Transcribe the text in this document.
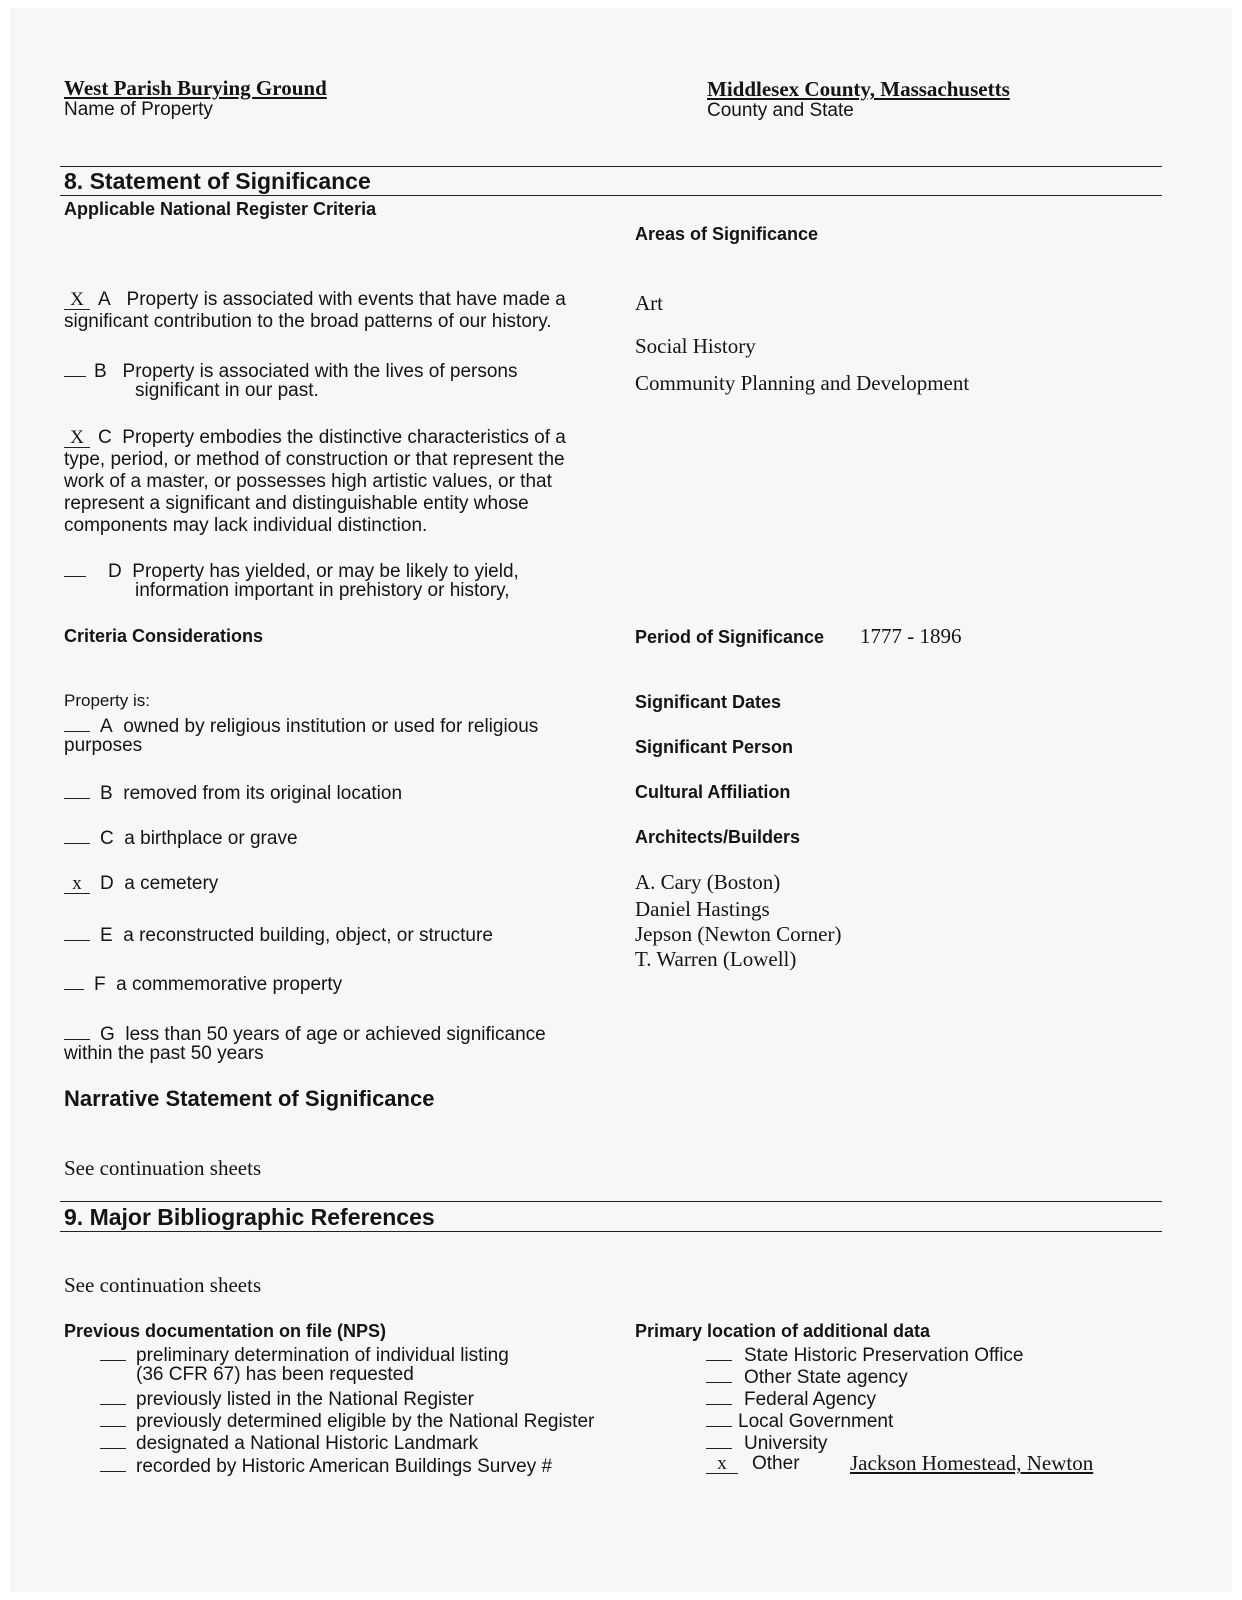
West Parish Burying Ground
Name of Property
Middlesex County, Massachusetts
County and State
8. Statement of Significance
Applicable National Register Criteria
Areas of Significance
X A Property is associated with events that have made a
significant contribution to the broad patterns of our history.
B Property is associated with the lives of persons
significant in our past.
X C Property embodies the distinctive characteristics of a
type, period, or method of construction or that represent the
work of a master, or possesses high artistic values, or that
represent a significant and distinguishable entity whose
components may lack individual distinction.
D Property has yielded, or may be likely to yield,
information important in prehistory or history,
Art
Social History
Community Planning and Development
Criteria Considerations	Period of Significance 1777 - 1896
Property is:
A owned by religious institution or used for religious
purposes
B removed from its original location
C a birthplace or grave
x D a cemetery
E a reconstructed building, object, or structure
F a commemorative property
G less than 50 years of age or achieved significance
within the past 50 years
Significant Dates
Significant Person
Cultural Affiliation
Architects/Builders
A. Cary (Boston)
Daniel Hastings
Jepson (Newton Corner)
T. Warren (Lowell)
Narrative Statement of Significance
See continuation sheets
9. Major Bibliographic References
See continuation sheets
Previous documentation on file (NPS)	Primary location of additional data
preliminary determination of individual listing
(36 CFR 67) has been requested
previously listed in the National Register
previously determined eligible by the National Register
designated a National Historic Landmark
recorded by Historic American Buildings Survey #
State Historic Preservation Office
Other State agency
Federal Agency
Local Government
University
x Other Jackson Homestead, Newton
